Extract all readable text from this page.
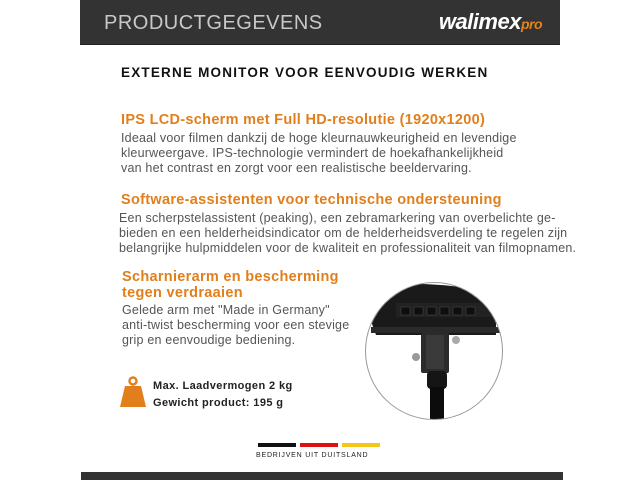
PRODUCTGEGEVENS	walimexpro
EXTERNE MONITOR VOOR EENVOUDIG WERKEN
IPS LCD-scherm met Full HD-resolutie (1920x1200)
Ideaal voor filmen dankzij de hoge kleurnauwkeurigheid en levendige
kleurweergave. IPS-technologie vermindert de hoekafhankelijkheid
van het contrast en zorgt voor een realistische beeldervaring.
Software-assistenten voor technische ondersteuning
Een scherpstelassistent (peaking), een zebramarkering van overbelichte ge-
bieden en een helderheidsindicator om de helderheidsverdeling te regelen zijn
belangrijke hulpmiddelen voor de kwaliteit en professionaliteit van filmopnamen.
Scharnierarm en bescherming
tegen verdraaien
Gelede arm met "Made in Germany"
anti-twist bescherming voor een stevige
grip en eenvoudige bediening.
Max. Laadvermogen 2 kg
Gewicht product: 195 g
BEDRIJVEN UIT DUITSLAND
